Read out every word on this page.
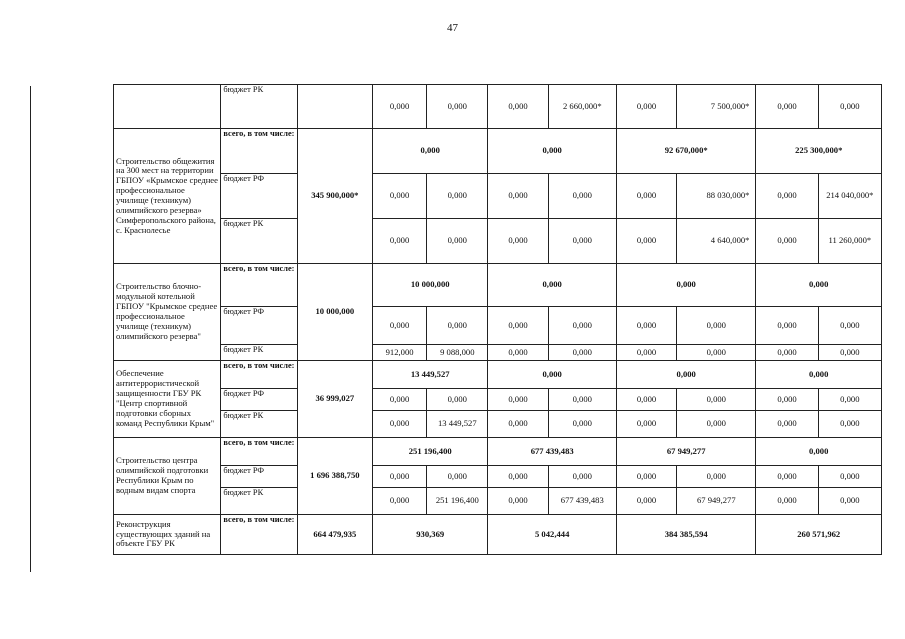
47
	бюджет РК		0,000	0,000	0,000	2 660,000*	0,000	7 500,000*	0,000	0,000
Строительство общежития на 300 мест на территории ГБПОУ «Крымское среднее профессиональное училище (техникум) олимпийского резерва» Симферопольского района, с. Краснолесье	всего, в том числе:	345 900,000*	0,000		0,000		92 670,000*		225 300,000*	
	бюджет РФ		0,000	0,000	0,000	0,000	0,000	88 030,000*	0,000	214 040,000*
	бюджет РК		0,000	0,000	0,000	0,000	0,000	4 640,000*	0,000	11 260,000*
Строительство блочно-модульной котельной ГБПОУ "Крымское среднее профессиональное училище (техникум) олимпийского резерва"	всего, в том числе:	10 000,000	10 000,000		0,000		0,000		0,000	
	бюджет РФ		0,000	0,000	0,000	0,000	0,000	0,000	0,000	0,000
	бюджет РК		912,000	9 088,000	0,000	0,000	0,000	0,000	0,000	0,000
Обеспечение антитеррористической защищенности ГБУ РК "Центр спортивной подготовки сборных команд Республики Крым"	всего, в том числе:	36 999,027	13 449,527		0,000		0,000		0,000	
	бюджет РФ		0,000	0,000	0,000	0,000	0,000	0,000	0,000	0,000
	бюджет РК		0,000	13 449,527	0,000	0,000	0,000	0,000	0,000	0,000
Строительство центра олимпийской подготовки Республики Крым по водным видам спорта	всего, в том числе:	1 696 388,750	251 196,400		677 439,483		67 949,277		0,000	
	бюджет РФ		0,000	0,000	0,000	0,000	0,000	0,000	0,000	0,000
	бюджет РК		0,000	251 196,400	0,000	677 439,483	0,000	67 949,277	0,000	0,000
Реконструкция существующих зданий на объекте ГБУ РК	всего, в том числе:	664 479,935	930,369		5 042,444		384 385,594		260 571,962	
